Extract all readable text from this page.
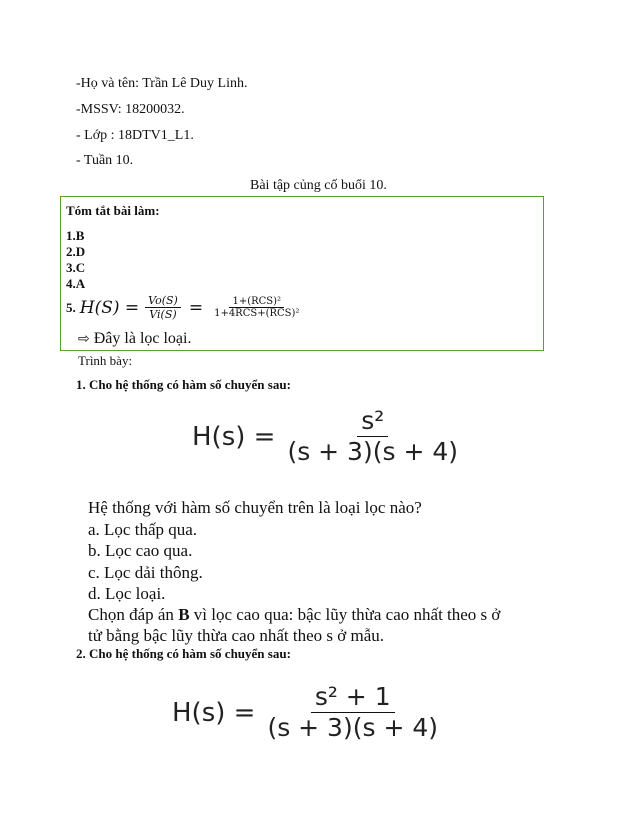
-Họ và tên: Trần Lê Duy Linh.
-MSSV: 18200032.
- Lớp : 18DTV1_L1.
- Tuần 10.
Bài tập củng cố buổi 10.
Tóm tắt bài làm:
1.B
2.D
3.C
4.A
5. $H(S) = \frac{Vo(S)}{Vi(S)} = \frac{\text{1+(RCS)²}}{\text{1+4RCS+(RCS)²}}$
⇨ Đây là lọc loại.
Trình bày:
1. Cho hệ thống có hàm số chuyển sau:
$H(s) = \frac{\text{s²}}{(s + 3)(s + 4)}$
Hệ thống với hàm số chuyển trên là loại lọc nào?
a. Lọc thấp qua.
b. Lọc cao qua.
c. Lọc dải thông.
d. Lọc loại.
Chọn đáp án B vì lọc cao qua: bậc lũy thừa cao nhất theo s ở
tử bằng bậc lũy thừa cao nhất theo s ở mẫu.
2. Cho hệ thống có hàm số chuyển sau:
$H(s) = \frac{\text{s² + 1}}{(s + 3)(s + 4)}$
